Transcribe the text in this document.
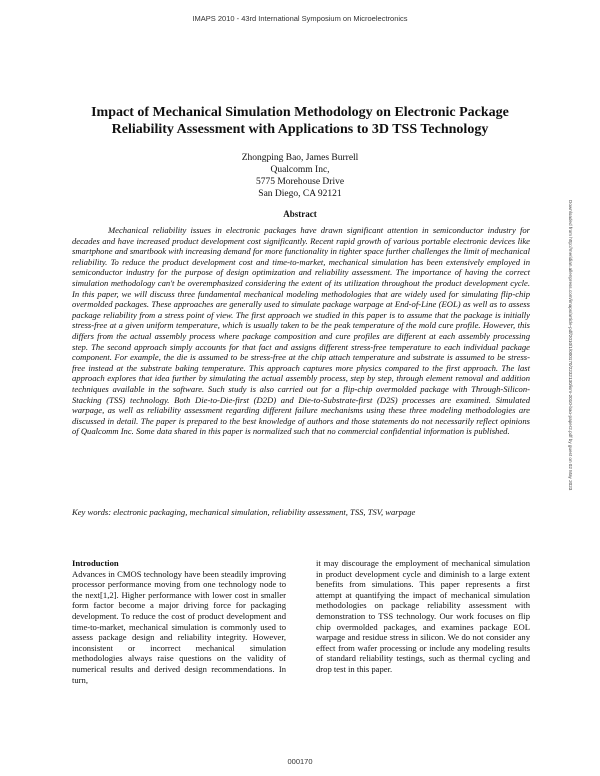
IMAPS 2010 - 43rd International Symposium on Microelectronics
Impact of Mechanical Simulation Methodology on Electronic Package Reliability Assessment with Applications to 3D TSS Technology
Zhongping Bao, James Burrell
Qualcomm Inc,
5775 Morehouse Drive
San Diego, CA 92121
Abstract
Mechanical reliability issues in electronic packages have drawn significant attention in semiconductor industry for decades and have increased product development cost significantly. Recent rapid growth of various portable electronic devices like smartphone and smartbook with increasing demand for more functionality in tighter space further challenges the limit of mechanical reliability. To reduce the product development cost and time-to-market, mechanical simulation has been extensively employed in semiconductor industry for the purpose of design optimization and reliability assessment. The importance of having the correct simulation methodology can't be overemphasized considering the extent of its utilization throughout the product development cycle. In this paper, we will discuss three fundamental mechanical modeling methodologies that are widely used for simulating flip-chip overmolded packages. These approaches are generally used to simulate package warpage at End-of-Line (EOL) as well as to assess package reliability from a stress point of view. The first approach we studied in this paper is to assume that the package is initially stress-free at a given uniform temperature, which is usually taken to be the peak temperature of the mold cure profile. However, this differs from the actual assembly process where package composition and cure profiles are different at each assembly processing step. The second approach simply accounts for that fact and assigns different stress-free temperature to each individual package component. For example, the die is assumed to be stress-free at the chip attach temperature and substrate is assumed to be stress-free instead at the substrate baking temperature. This approach captures more physics compared to the first approach. The last approach explores that idea further by simulating the actual assembly process, step by step, through element removal and addition techniques available in the software. Such study is also carried out for a flip-chip overmolded package with Through-Silicon-Stacking (TSS) technology. Both Die-to-Die-first (D2D) and Die-to-Substrate-first (D2S) processes are examined. Simulated warpage, as well as reliability assessment regarding different failure mechanisms using these three modeling methodologies are discussed in detail. The paper is prepared to the best knowledge of authors and those statements do not necessarily reflect opinions of Qualcomm Inc. Some data shared in this paper is normalized such that no commercial confidential information is published.
Key words: electronic packaging, mechanical simulation, reliability assessment, TSS, TSV, warpage
Introduction
Advances in CMOS technology have been steadily improving processor performance moving from one technology node to the next[1,2]. Higher performance with lower cost in smaller form factor become a major driving force for packaging development. To reduce the cost of product development and time-to-market, mechanical simulation is commonly used to assess package design and reliability integrity. However, inconsistent or incorrect mechanical simulation methodologies always raise questions on the validity of numerical results and derived design recommendations. In turn,
it may discourage the employment of mechanical simulation in product development cycle and diminish to a large extent benefits from simulations. This paper represents a first attempt at quantifying the impact of mechanical simulation methodologies on package reliability assessment with demonstration to TSS technology. Our work focuses on flip chip overmolded packages, and examines package EOL warpage and residue stress in silicon. We do not consider any effect from wafer processing or include any modeling results of standard reliability testings, such as thermal cycling and drop test in this paper.
Downloaded from http://meridian.allenpress.com/imaps/article-pdf/2010/1/000170/2232130/ism-2010-bao-paper2.pdf by guest on 02 May 2023
000170
